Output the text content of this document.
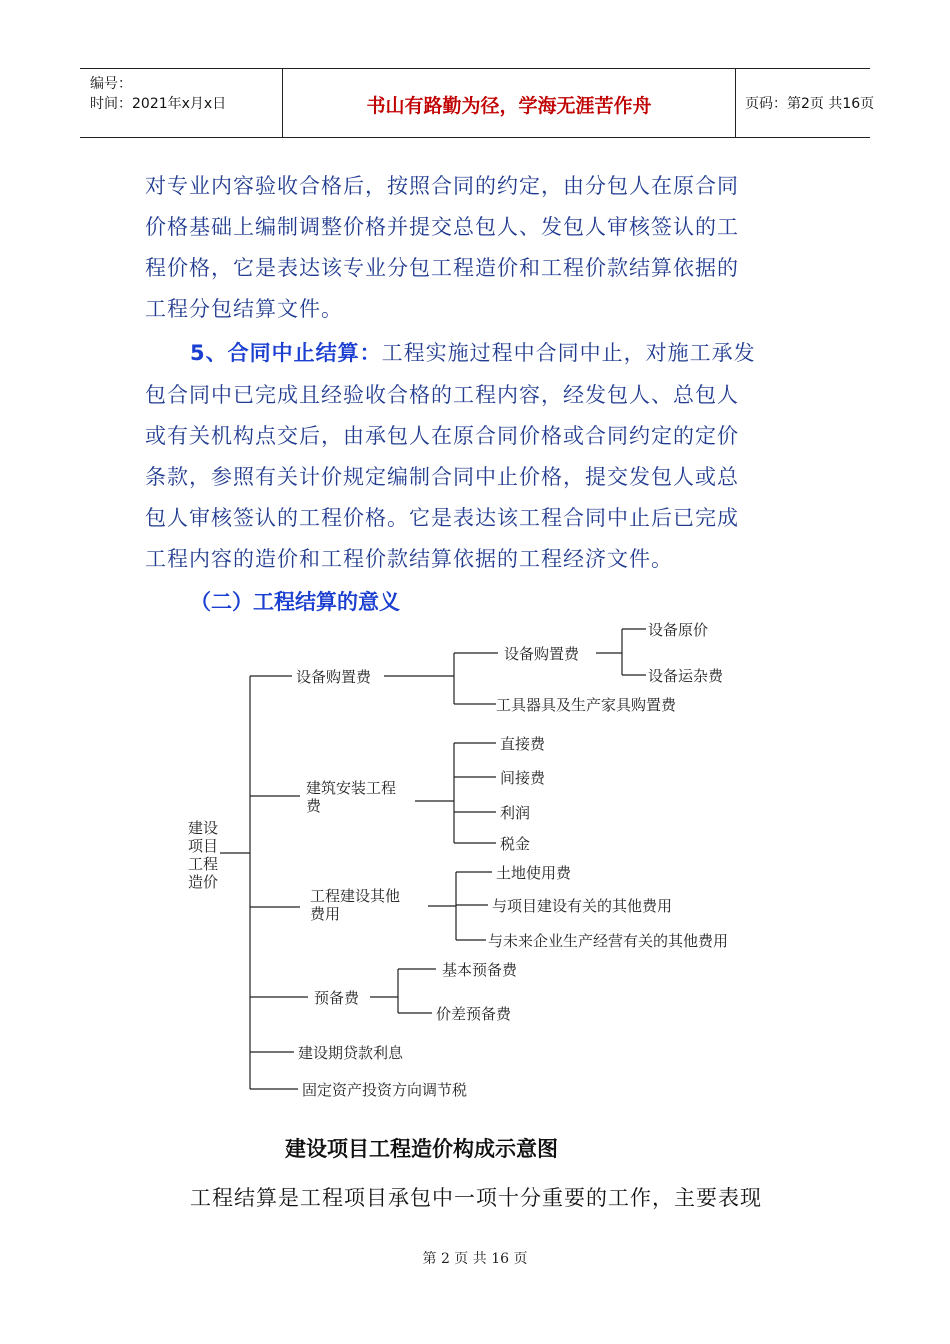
编号：
时间：2021年x月x日	书山有路勤为径，学海无涯苦作舟	页码：第2页 共16页
对专业内容验收合格后，按照合同的约定，由分包人在原合同
价格基础上编制调整价格并提交总包人、发包人审核签认的工
程价格，它是表达该专业分包工程造价和工程价款结算依据的
工程分包结算文件。
5、合同中止结算：工程实施过程中合同中止，对施工承发
包合同中已完成且经验收合格的工程内容，经发包人、总包人
或有关机构点交后，由承包人在原合同价格或合同约定的定价
条款，参照有关计价规定编制合同中止价格，提交发包人或总
包人审核签认的工程价格。它是表达该工程合同中止后已完成
工程内容的造价和工程价款结算依据的工程经济文件。
（二）工程结算的意义
建设
项目
工程
造价
设备购置费
建筑安装工程
费
工程建设其他
费用
预备费
建设期贷款利息
固定资产投资方向调节税
设备购置费
工具器具及生产家具购置费
设备原价
设备运杂费
直接费
间接费
利润
税金
土地使用费
与项目建设有关的其他费用
与未来企业生产经营有关的其他费用
基本预备费
价差预备费
建设项目工程造价构成示意图
工程结算是工程项目承包中一项十分重要的工作，主要表现
第 2 页 共 16 页
